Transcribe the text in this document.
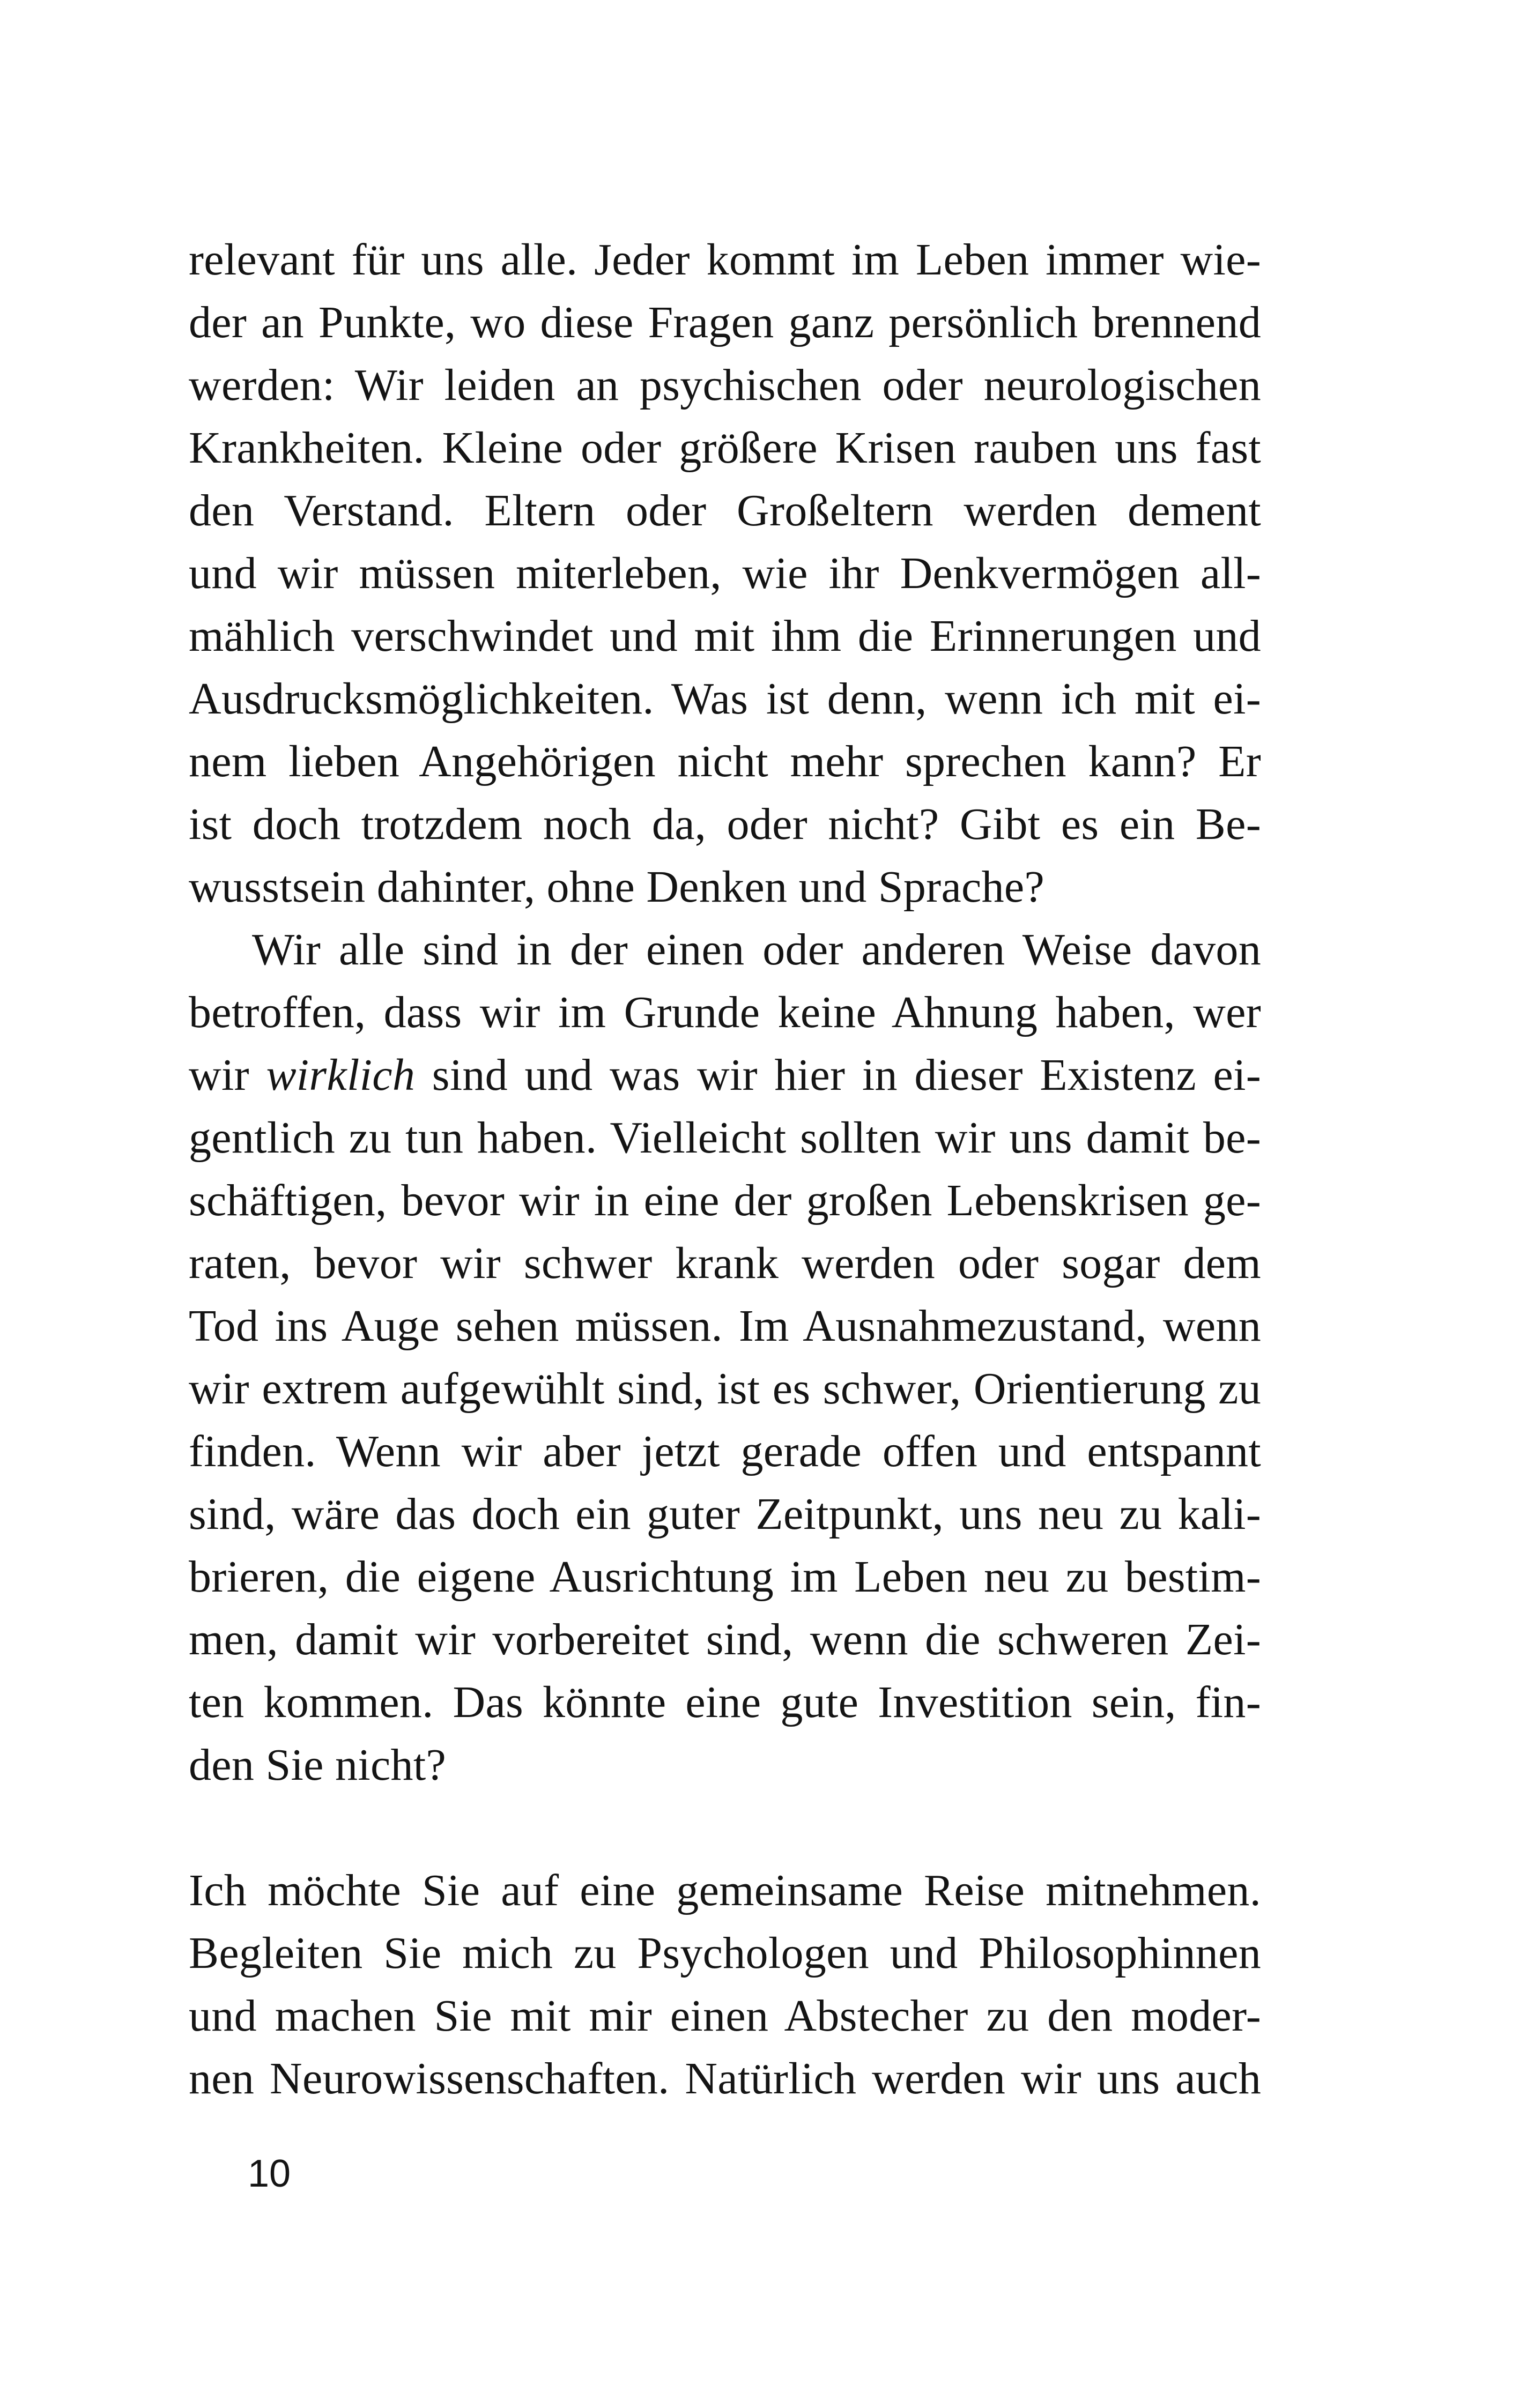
relevant für uns alle. Jeder kommt im Leben immer wie-
der an Punkte, wo diese Fragen ganz persönlich brennend
werden: Wir leiden an psychischen oder neurologischen
Krankheiten. Kleine oder größere Krisen rauben uns fast
den Verstand. Eltern oder Großeltern werden dement
und wir müssen miterleben, wie ihr Denkvermögen all-
mählich verschwindet und mit ihm die Erinnerungen und
Ausdrucksmöglichkeiten. Was ist denn, wenn ich mit ei-
nem lieben Angehörigen nicht mehr sprechen kann? Er
ist doch trotzdem noch da, oder nicht? Gibt es ein Be-
wusstsein dahinter, ohne Denken und Sprache?
Wir alle sind in der einen oder anderen Weise davon
betroffen, dass wir im Grunde keine Ahnung haben, wer
wir wirklich sind und was wir hier in dieser Existenz ei-
gentlich zu tun haben. Vielleicht sollten wir uns damit be-
schäftigen, bevor wir in eine der großen Lebenskrisen ge-
raten, bevor wir schwer krank werden oder sogar dem
Tod ins Auge sehen müssen. Im Ausnahmezustand, wenn
wir extrem aufgewühlt sind, ist es schwer, Orientierung zu
finden. Wenn wir aber jetzt gerade offen und entspannt
sind, wäre das doch ein guter Zeitpunkt, uns neu zu kali-
brieren, die eigene Ausrichtung im Leben neu zu bestim-
men, damit wir vorbereitet sind, wenn die schweren Zei-
ten kommen. Das könnte eine gute Investition sein, fin-
den Sie nicht?
Ich möchte Sie auf eine gemeinsame Reise mitnehmen.
Begleiten Sie mich zu Psychologen und Philosophinnen
und machen Sie mit mir einen Abstecher zu den moder-
nen Neurowissenschaften. Natürlich werden wir uns auch
10
